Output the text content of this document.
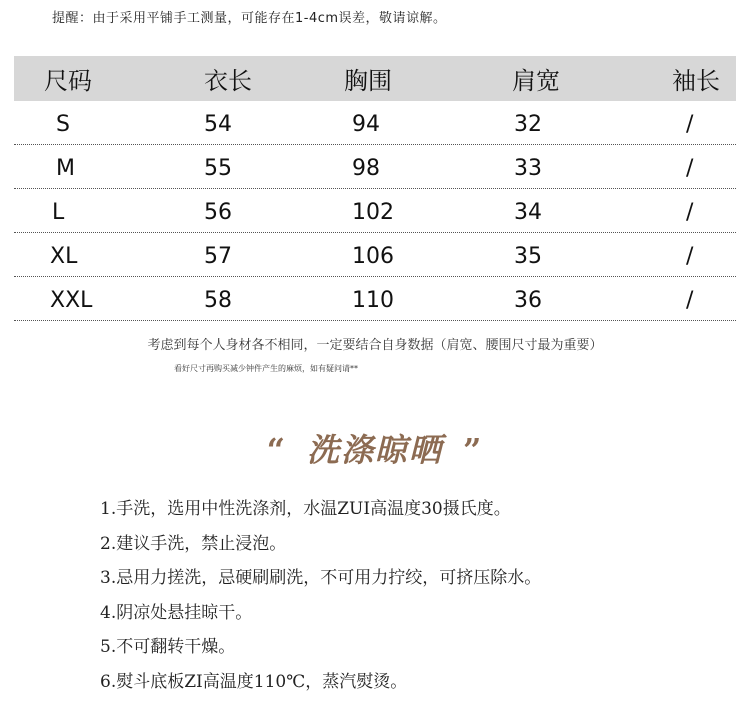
提醒：由于采用平铺手工测量，可能存在1-4cm误差，敬请谅解。
尺码	衣长	胸围	肩宽	袖长
S	54	94	32	/
M	55	98	33	/
L	56	102	34	/
XL	57	106	35	/
XXL	58	110	36	/
考虑到每个人身材各不相同，一定要结合自身数据（肩宽、腰围尺寸最为重要）
看好尺寸再购买减少钟件产生的麻烦，如有疑问请**
“ 洗涤晾晒 ”
1.手洗，选用中性洗涤剂，水温ZUI高温度30摄氏度。
2.建议手洗，禁止浸泡。
3.忌用力搓洗，忌硬刷刷洗，不可用力拧绞，可挤压除水。
4.阴凉处悬挂晾干。
5.不可翻转干燥。
6.熨斗底板ZI高温度110℃，蒸汽熨烫。
